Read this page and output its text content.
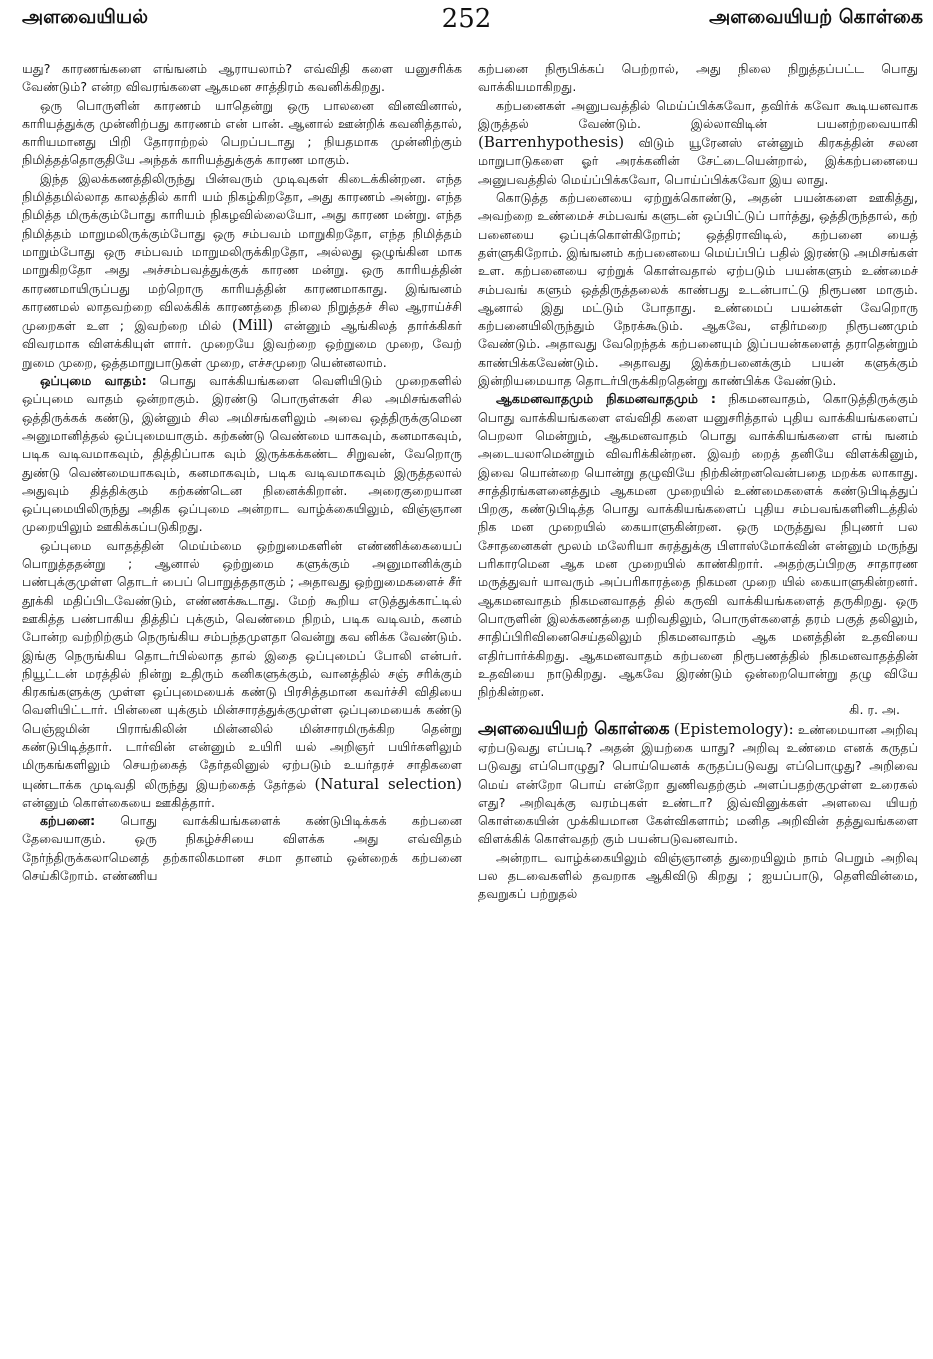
அளவையியல்	252	அளவையியற் கொள்கை

யது? காரணங்களை எங்ஙனம் ஆராயலாம்? எவ்விதி களை யனுசரிக்க வேண்டும்? என்ற விவரங்களை ஆகமன சாத்திரம் கவனிக்கிறது.

ஒரு பொருளின் காரணம் யாதென்று ஒரு பாலனை வினவினால், காரியத்துக்கு முன்னிற்பது காரணம் என் பான். ஆனால் ஊன்றிக் கவனித்தால், காரியமானது பிறி தோராற்றல் பெறப்படாது ; நியதமாக முன்னிற்கும் நிமித்தத்தொகுதியே அந்தக் காரியத்துக்குக் காரண மாகும்.

இந்த இலக்கணத்திலிருந்து பின்வரும் முடிவுகள் கிடைக்கின்றன. எந்த நிமித்தமில்லாத காலத்தில் காரி யம் நிகழ்கிறதோ, அது காரணம் அன்று. எந்த நிமித்த மிருக்கும்போது காரியம் நிகழவில்லையோ, அது காரண மன்று. எந்த நிமித்தம் மாறுமலிருக்கும்போது ஒரு சம்பவம் மாறுகிறதோ, எந்த நிமித்தம் மாறும்போது ஒரு சம்பவம் மாறுமலிருக்கிறதோ, அல்லது ஒழுங்கின மாக மாறுகிறதோ அது அச்சம்பவத்துக்குக் காரண மன்று. ஒரு காரியத்தின் காரணமாயிருப்பது மற்றொரு காரியத்தின் காரணமாகாது. இங்ஙனம் காரணமல் லாதவற்றை விலக்கிக் காரணத்தை நிலை நிறுத்தச் சில ஆராய்ச்சி முறைகள் உள ; இவற்றை மில் (Mill) என்னும் ஆங்கிலத் தார்க்கிகர் விவரமாக விளக்கியுள் ளார். முறையே இவற்றை ஒற்றுமை முறை, வேற் றுமை முறை, ஒத்தமாறுபாடுகள் முறை, எச்சமுறை யென்னலாம்.

ஒப்புமை வாதம்: பொது வாக்கியங்களை வெளியிடும் முறைகளில் ஒப்புமை வாதம் ஒன்றாகும். இரண்டு பொருள்கள் சில அமிசங்களில் ஒத்திருக்கக் கண்டு, இன்னும் சில அமிசங்களிலும் அவை ஒத்திருக்குமென அனுமானித்தல் ஒப்புமையாகும். கற்கண்டு வெண்மை யாகவும், கனமாகவும், படிக வடிவமாகவும், தித்திப்பாக வும் இருக்கக்கண்ட சிறுவன், வேறொரு துண்டு வெண்மையாகவும், கனமாகவும், படிக வடிவமாகவும் இருத்தலால் அதுவும் தித்திக்கும் கற்கண்டென நினைக்கிறான். அரைகுறையான ஒப்புமையிலிருந்து அதிக ஒப்புமை அன்றாட வாழ்க்கையிலும், விஞ்ஞான முறையிலும் ஊகிக்கப்படுகிறது.

ஒப்புமை வாதத்தின் மெய்ம்மை ஒற்றுமைகளின் எண்ணிக்கையைப் பொறுத்ததன்று ; ஆனால் ஒற்றுமை களுக்கும் அனுமானிக்கும் பண்புக்குமுள்ள தொடர் பைப் பொறுத்ததாகும் ; அதாவது ஒற்றுமைகளைச் சீர் தூக்கி மதிப்பிடவேண்டும், எண்ணக்கூடாது. மேற் கூறிய எடுத்துக்காட்டில் ஊகித்த பண்பாகிய தித்திப் புக்கும், வெண்மை நிறம், படிக வடிவம், கனம் போன்ற வற்றிற்கும் நெருங்கிய சம்பந்தமுளதா வென்று கவ னிக்க வேண்டும். இங்கு நெருங்கிய தொடர்பில்லாத தால் இதை ஒப்புமைப் போலி என்பர். நியூட்டன் மரத்தில் நின்று உதிரும் கனிகளுக்கும், வானத்தில் சஞ் சரிக்கும் கிரகங்களுக்கு முள்ள ஒப்புமையைக் கண்டு பிரசித்தமான கவர்ச்சி விதியை வெளியிட்டார். பின்னை யுக்கும் மின்சாரத்துக்குமுள்ள ஒப்புமையைக் கண்டு பெஞ்ஜமின் பிராங்கிலின் மின்னலில் மின்சாரமிருக்கிற தென்று கண்டுபிடித்தார். டார்வின் என்னும் உயிரி யல் அறிஞர் பயிர்களிலும் மிருகங்களிலும் செயற்கைத் தேர்தலினுல் ஏற்படும் உயர்தரச் சாதிகளை யுண்டாக்க முடிவதி லிருந்து இயற்கைத் தேர்தல் (Natural selection) என்னும் கொள்கையை ஊகித்தார்.

கற்பனை: பொது வாக்கியங்களைக் கண்டுபிடிக்கக் கற்பனை தேவையாகும். ஒரு நிகழ்ச்சியை விளக்க அது எவ்விதம் நேர்ந்திருக்கலாமெனத் தற்காலிகமான சமா தானம் ஒன்றைக் கற்பனை செய்கிறோம். எண்ணிய

கற்பனை நிரூபிக்கப் பெற்றால், அது நிலை நிறுத்தப்பட்ட பொது வாக்கியமாகிறது.

கற்பனைகள் அனுபவத்தில் மெய்ப்பிக்கவோ, தவிர்க் கவோ கூடியனவாக இருத்தல் வேண்டும். இல்லாவிடின் பயனற்றவையாகி (Barrenhypothesis) விடும் யூரேனஸ் என்னும் கிரகத்தின் சலன மாறுபாடுகளை ஓர் அரக்கனின் சேட்டையென்றால், இக்கற்பனையை அனுபவத்தில் மெய்ப்பிக்கவோ, பொய்ப்பிக்கவோ இய லாது.

கொடுத்த கற்பனையை ஏற்றுக்கொண்டு, அதன் பயன்களை ஊகித்து, அவற்றை உண்மைச் சம்பவங் களுடன் ஒப்பிட்டுப் பார்த்து, ஒத்திருந்தால், கற் பனையை ஒப்புக்கொள்கிறோம்; ஒத்திராவிடில், கற்பனை யைத் தள்ளுகிறோம். இங்ஙனம் கற்பனையை மெய்ப்பிப் பதில் இரண்டு அமிசங்கள் உள. கற்பனையை ஏற்றுக் கொள்வதால் ஏற்படும் பயன்களும் உண்மைச் சம்பவங் களும் ஒத்திருத்தலைக் காண்பது உடன்பாட்டு நிரூபண மாகும். ஆனால் இது மட்டும் போதாது. உண்மைப் பயன்கள் வேறொரு கற்பனையிலிருந்தும் நேரக்கூடும். ஆகவே, எதிர்மறை நிரூபணமும் வேண்டும். அதாவது வேறெந்தக் கற்பனையும் இப்பயன்களைத் தராதென்றும் காண்பிக்கவேண்டும். அதாவது இக்கற்பனைக்கும் பயன் களுக்கும் இன்றியமையாத தொடர்பிருக்கிறதென்று காண்பிக்க வேண்டும்.

ஆகமனவாதமும் நிகமனவாதமும் : நிகமனவாதம், கொடுத்திருக்கும் பொது வாக்கியங்களை எவ்விதி களை யனுசரித்தால் புதிய வாக்கியங்களைப் பெறலா மென்றும், ஆகமனவாதம் பொது வாக்கியங்களை எங் ஙனம் அடையலாமென்றும் விவரிக்கின்றன. இவற் றைத் தனியே விளக்கினும், இவை யொன்றை யொன்று தழுவியே நிற்கின்றனவென்பதை மறக்க லாகாது. சாத்திரங்களனைத்தும் ஆகமன முறையில் உண்மைகளைக் கண்டுபிடித்துப் பிறகு, கண்டுபிடித்த பொது வாக்கியங்களைப் புதிய சம்பவங்களினிடத்தில் நிக மன முறையில் கையாளுகின்றன. ஒரு மருத்துவ நிபுணர் பல சோதனைகள் மூலம் மலேரியா சுரத்துக்கு பிளாஸ்மோக்வின் என்னும் மருந்து பரிகாரமென ஆக மன முறையில் காண்கிறார். அதற்குப்பிறகு சாதாரண மருத்துவர் யாவரும் அப்பரிகாரத்தை நிகமன முறை யில் கையாளுகின்றனர். ஆகமனவாதம் நிகமனவாதத் தில் கருவி வாக்கியங்களைத் தருகிறது. ஒரு பொருளின் இலக்கணத்தை யறிவதிலும், பொருள்களைத் தரம் பகுத் தலிலும், சாதிப்பிரிவினைசெய்தலிலும் நிகமனவாதம் ஆக மனத்தின் உதவியை எதிர்பார்க்கிறது. ஆகமனவாதம் கற்பனை நிரூபணத்தில் நிகமனவாதத்தின் உதவியை நாடுகிறது. ஆகவே இரண்டும் ஒன்றையொன்று தழு வியே நிற்கின்றன.

கி. ர. அ.

அளவையியற் கொள்கை (Epistemology): உண்மையான அறிவு ஏற்படுவது எப்படி? அதன் இயற்கை யாது? அறிவு உண்மை எனக் கருதப் படுவது எப்பொழுது? பொய்யெனக் கருதப்படுவது எப்பொழுது? அறிவை மெய் என்றோ பொய் என்றோ துணிவதற்கும் அளப்பதற்குமுள்ள உரைகல் எது? அறிவுக்கு வரம்புகள் உண்டா? இவ்வினுக்கள் அளவை யியற் கொள்கையின் முக்கியமான கேள்விகளாம்; மனித அறிவின் தத்துவங்களை விளக்கிக் கொள்வதற் கும் பயன்படுவனவாம்.

அன்றாட வாழ்க்கையிலும் விஞ்ஞானத் துறையிலும் நாம் பெறும் அறிவு பல தடவைகளில் தவறாக ஆகிவிடு கிறது ; ஐயப்பாடு, தெளிவின்மை, தவறுகப் பற்றுதல்
